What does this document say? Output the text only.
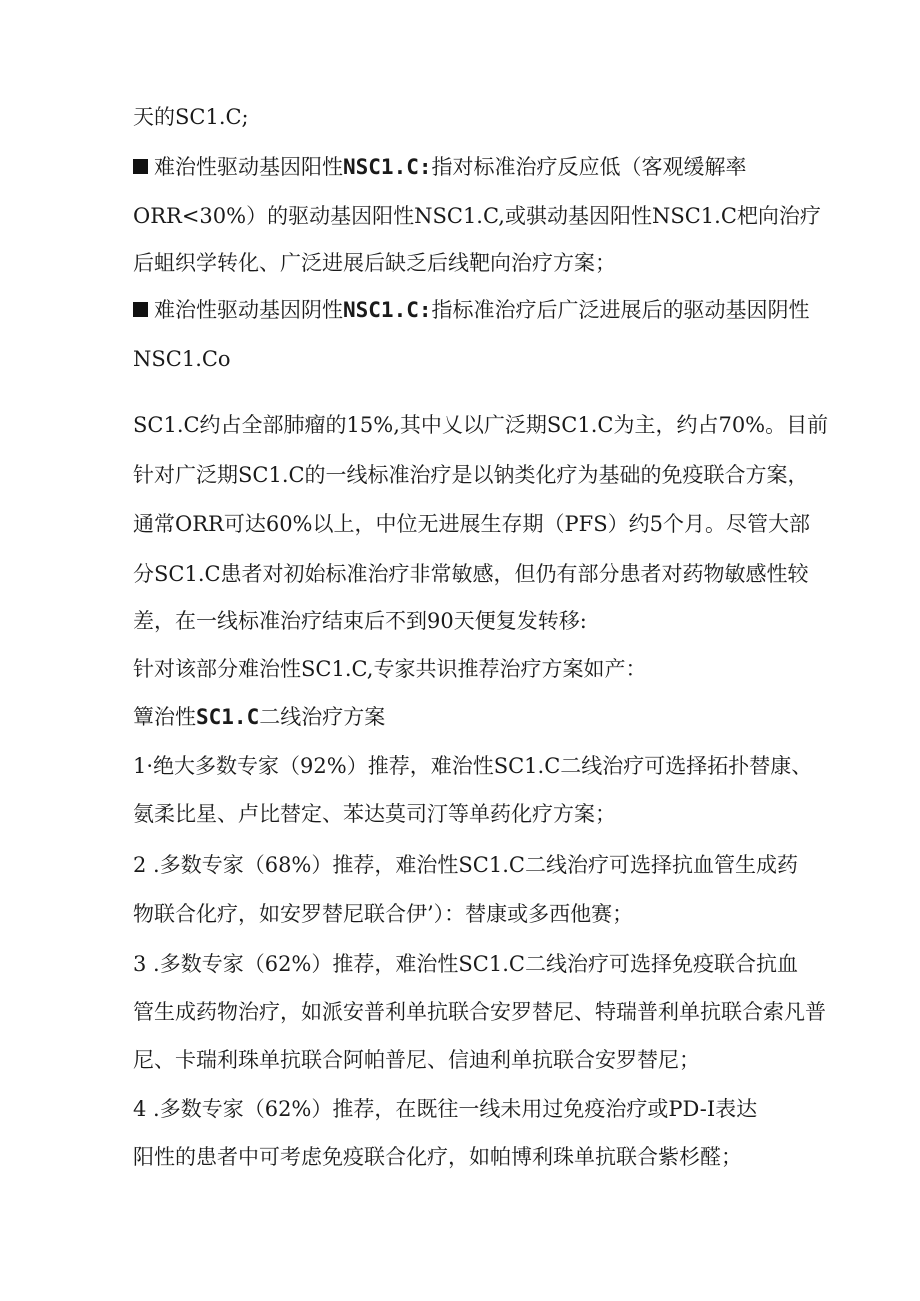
天的SC1.C;

难治性驱动基因阳性NSC1.C:指对标准治疗反应低（客观缓解率

ORR<30%）的驱动基因阳性NSC1.C,或骐动基因阳性NSC1.C杷向治疗

后蛆织学转化、广泛进展后缺乏后线靶向治疗方案；

难治性驱动基因阴性NSC1.C:指标准治疗后广泛进展后的驱动基因阴性

NSC1.Co

SC1.C约占全部肺瘤的15%,其中乂以广泛期SC1.C为主，约占70%。目前

针对广泛期SC1.C的一线标准治疗是以钠类化疗为基础的免疫联合方案，

通常ORR可达60%以上，中位无进展生存期（PFS）约5个月。尽管大部

分SC1.C患者对初始标准治疗非常敏感，但仍有部分患者对药物敏感性较

差，在一线标准治疗结束后不到90天便复发转移:

针对该部分难治性SC1.C,专家共识推荐治疗方案如产：

簟治性SC1.C二线治疗方案

1·绝大多数专家（92%）推荐，难治性SC1.C二线治疗可选择拓扑替康、

氨柔比星、卢比替定、苯达莫司汀等单药化疗方案；

2 .多数专家（68%）推荐，难治性SC1.C二线治疗可选择抗血管生成药

物联合化疗，如安罗替尼联合伊’）：替康或多西他赛；

3 .多数专家（62%）推荐，难治性SC1.C二线治疗可选择免疫联合抗血

管生成药物治疗，如派安普利单抗联合安罗替尼、特瑞普利单抗联合索凡普

尼、卡瑞利珠单抗联合阿帕普尼、信迪利单抗联合安罗替尼；

4 .多数专家（62%）推荐，在既往一线未用过免疫治疗或PD-I表达

阳性的患者中可考虑免疫联合化疗，如帕博利珠单抗联合紫杉醛；
